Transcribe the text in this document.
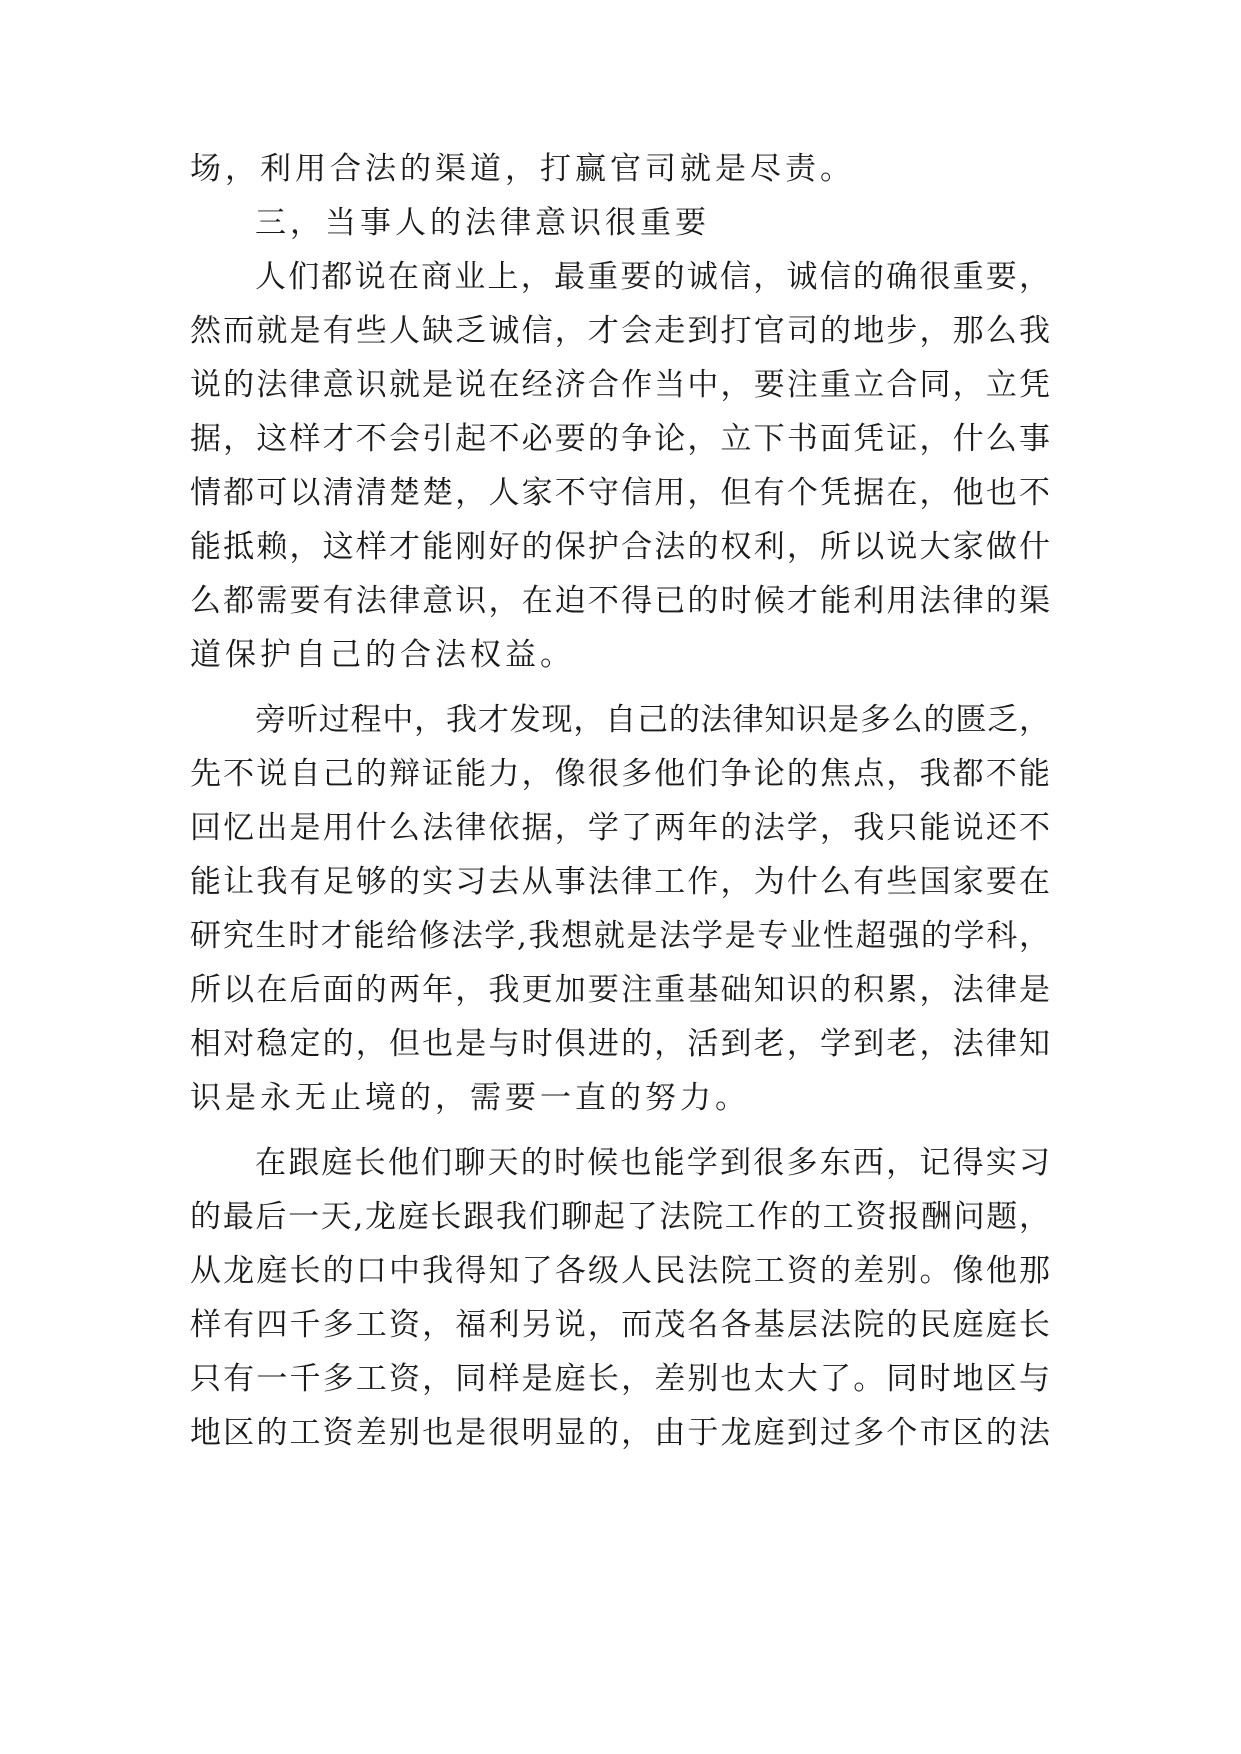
场，利用合法的渠道，打赢官司就是尽责。
三，当事人的法律意识很重要
人们都说在商业上，最重要的诚信，诚信的确很重要，
然而就是有些人缺乏诚信，才会走到打官司的地步，那么我
说的法律意识就是说在经济合作当中，要注重立合同，立凭
据，这样才不会引起不必要的争论，立下书面凭证，什么事
情都可以清清楚楚，人家不守信用，但有个凭据在，他也不
能抵赖，这样才能刚好的保护合法的权利，所以说大家做什
么都需要有法律意识，在迫不得已的时候才能利用法律的渠
道保护自己的合法权益。
旁听过程中，我才发现，自己的法律知识是多么的匮乏，
先不说自己的辩证能力，像很多他们争论的焦点，我都不能
回忆出是用什么法律依据，学了两年的法学，我只能说还不
能让我有足够的实习去从事法律工作，为什么有些国家要在
研究生时才能给修法学,我想就是法学是专业性超强的学科，
所以在后面的两年，我更加要注重基础知识的积累，法律是
相对稳定的，但也是与时俱进的，活到老，学到老，法律知
识是永无止境的，需要一直的努力。
在跟庭长他们聊天的时候也能学到很多东西，记得实习
的最后一天,龙庭长跟我们聊起了法院工作的工资报酬问题，
从龙庭长的口中我得知了各级人民法院工资的差别。像他那
样有四千多工资，福利另说，而茂名各基层法院的民庭庭长
只有一千多工资，同样是庭长，差别也太大了。同时地区与
地区的工资差别也是很明显的，由于龙庭到过多个市区的法
